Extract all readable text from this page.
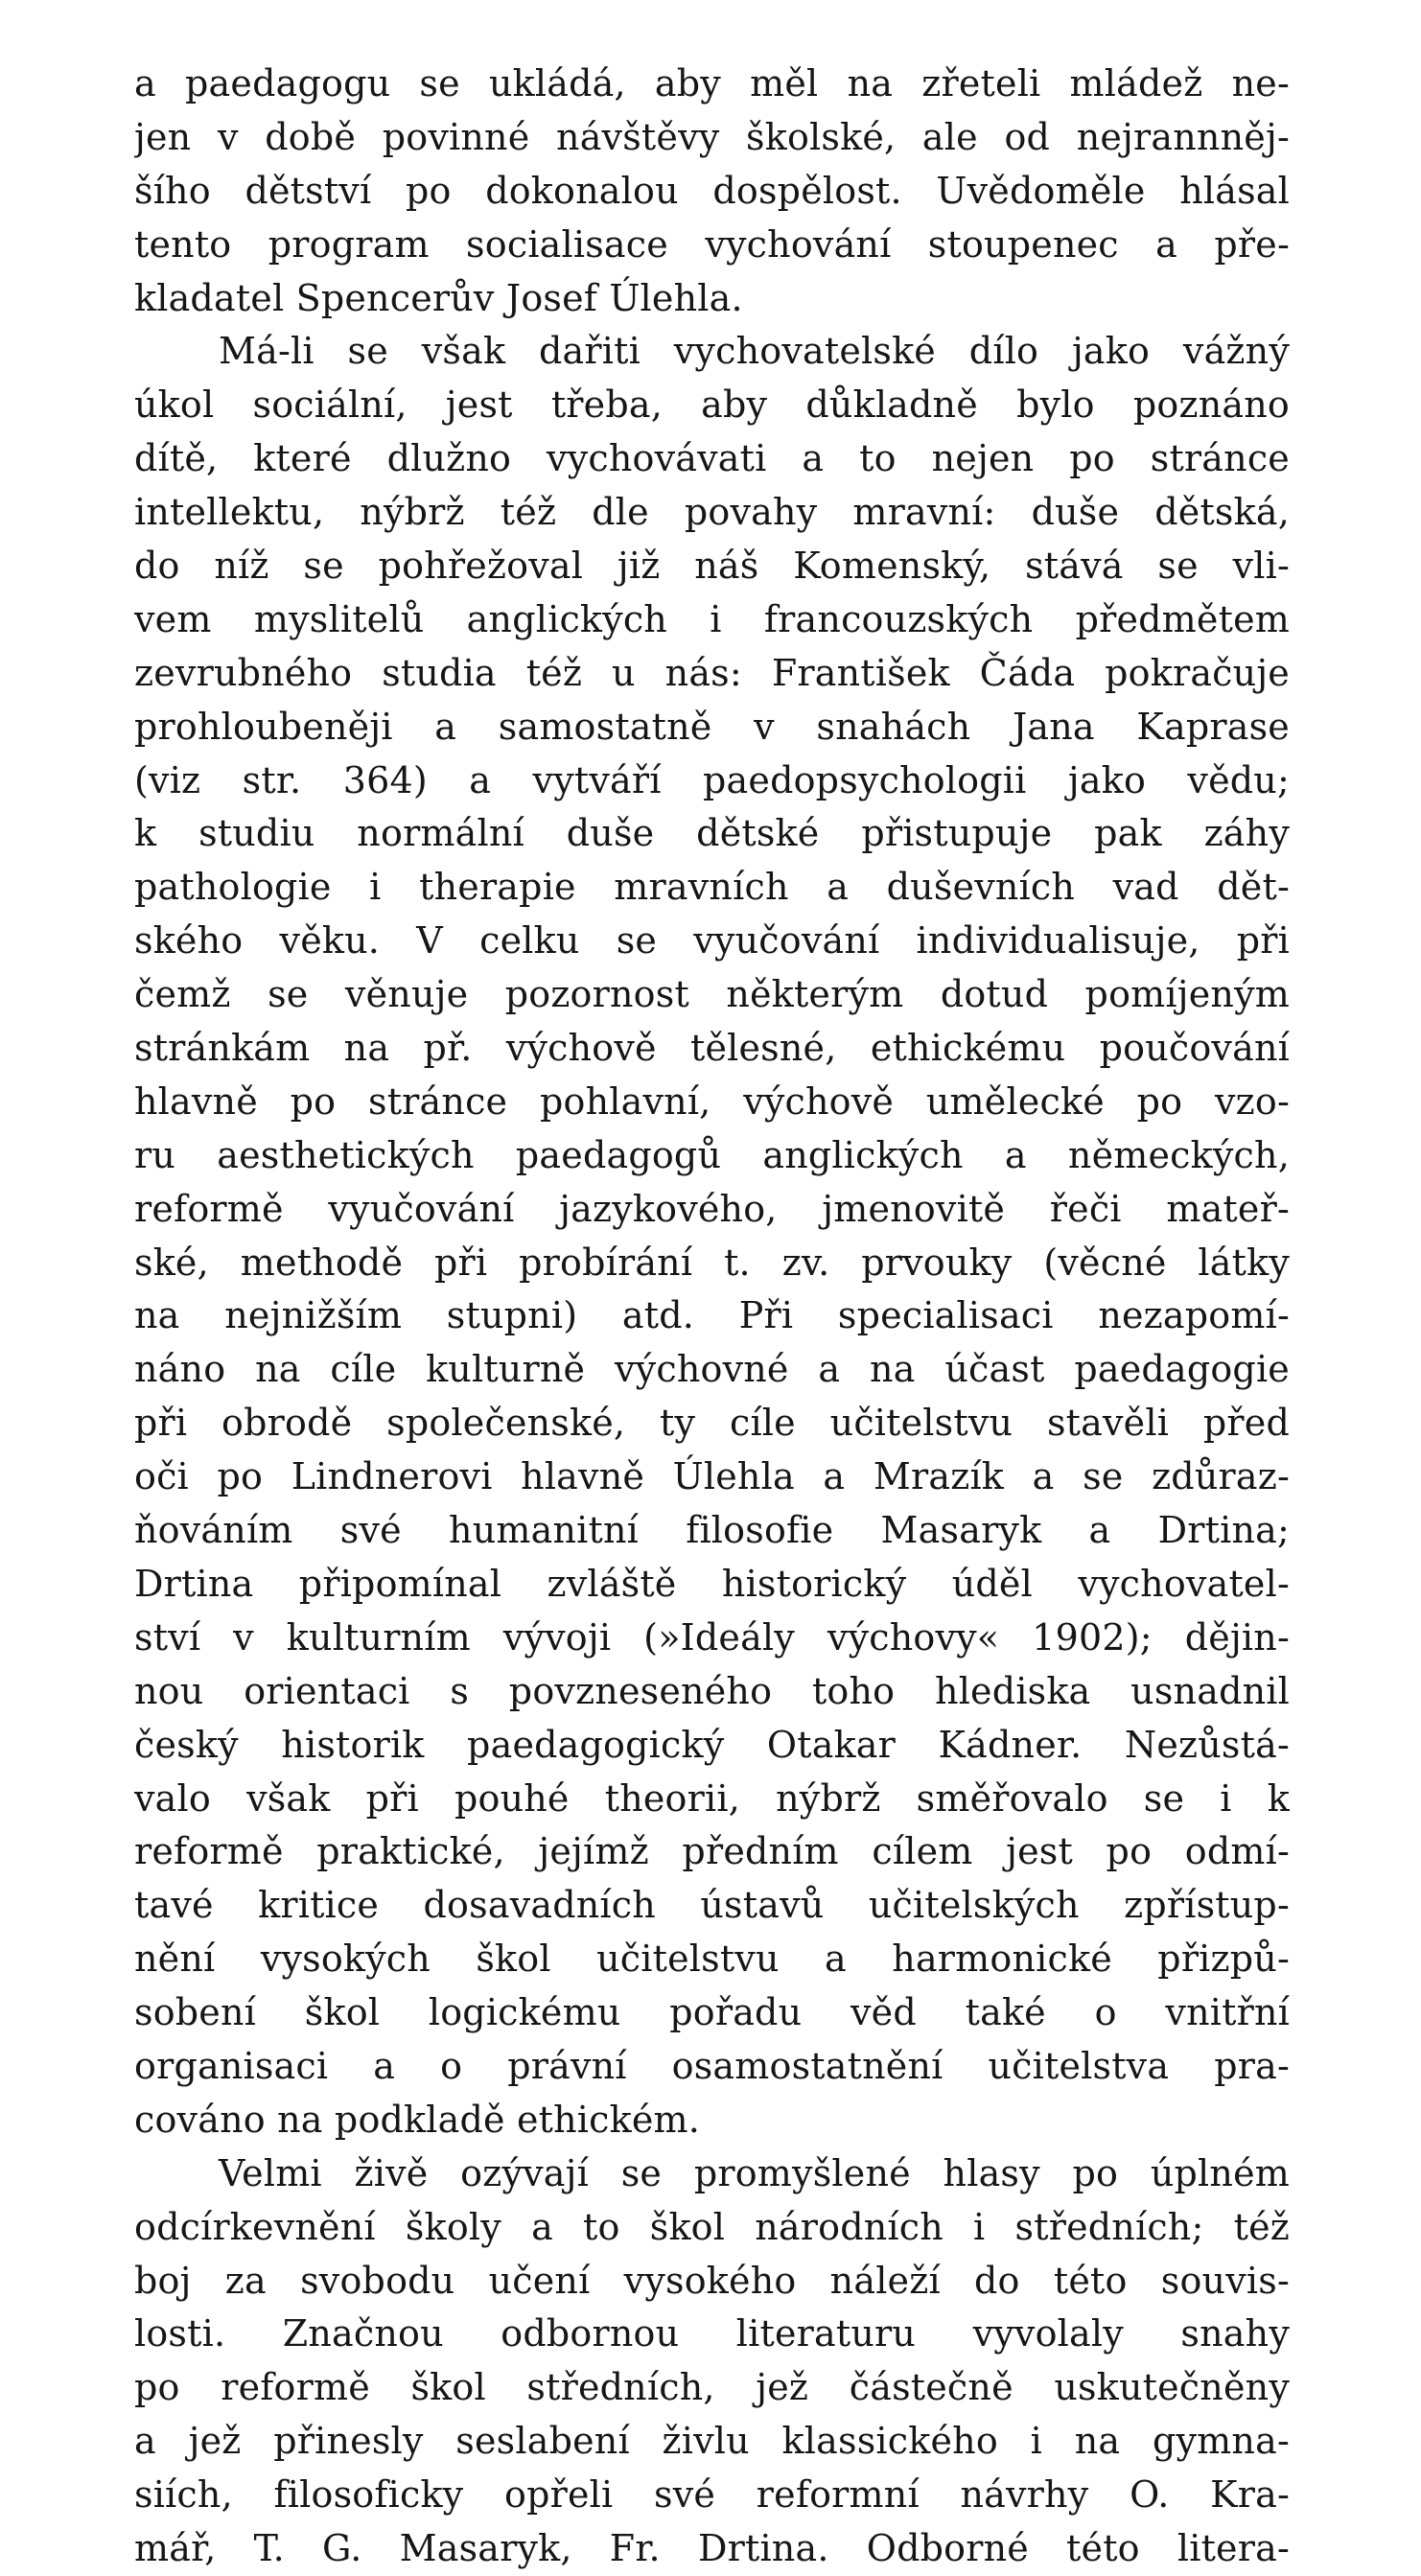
a paedagogu se ukládá, aby měl na zřeteli mládež ne-
jen v době povinné návštěvy školské, ale od nejrannněj-
šího dětství po dokonalou dospělost. Uvědoměle hlásal
tento program socialisace vychování stoupenec a pře-
kladatel Spencerův Josef Úlehla.
Má-li se však dařiti vychovatelské dílo jako vážný
úkol sociální, jest třeba, aby důkladně bylo poznáno
dítě, které dlužno vychovávati a to nejen po stránce
intellektu, nýbrž též dle povahy mravní: duše dětská,
do níž se pohřežoval již náš Komenský, stává se vli-
vem myslitelů anglických i francouzských předmětem
zevrubného studia též u nás: František Čáda pokračuje
prohloubeněji a samostatně v snahách Jana Kaprase
(viz str. 364) a vytváří paedopsychologii jako vědu;
k studiu normální duše dětské přistupuje pak záhy
pathologie i therapie mravních a duševních vad dět-
ského věku. V celku se vyučování individualisuje, při
čemž se věnuje pozornost některým dotud pomíjeným
stránkám na př. výchově tělesné, ethickému poučování
hlavně po stránce pohlavní, výchově umělecké po vzo-
ru aesthetických paedagogů anglických a německých,
reformě vyučování jazykového, jmenovitě řeči mateř-
ské, methodě při probírání t. zv. prvouky (věcné látky
na nejnižším stupni) atd. Při specialisaci nezapomí-
náno na cíle kulturně výchovné a na účast paedagogie
při obrodě společenské, ty cíle učitelstvu stavěli před
oči po Lindnerovi hlavně Úlehla a Mrazík a se zdůraz-
ňováním své humanitní filosofie Masaryk a Drtina;
Drtina připomínal zvláště historický úděl vychovatel-
ství v kulturním vývoji (»Ideály výchovy« 1902); dějin-
nou orientaci s povzneseného toho hlediska usnadnil
český historik paedagogický Otakar Kádner. Nezůstá-
valo však při pouhé theorii, nýbrž směřovalo se i k
reformě praktické, jejímž předním cílem jest po odmí-
tavé kritice dosavadních ústavů učitelských zpřístup-
nění vysokých škol učitelstvu a harmonické přizpů-
sobení škol logickému pořadu věd také o vnitřní
organisaci a o právní osamostatnění učitelstva pra-
cováno na podkladě ethickém.
Velmi živě ozývají se promyšlené hlasy po úplném
odcírkevnění školy a to škol národních i středních; též
boj za svobodu učení vysokého náleží do této souvis-
losti. Značnou odbornou literaturu vyvolaly snahy
po reformě škol středních, jež částečně uskutečněny
a jež přinesly seslabení živlu klassického i na gymna-
siích, filosoficky opřeli své reformní návrhy O. Kra-
mář, T. G. Masaryk, Fr. Drtina. Odborné této litera-
